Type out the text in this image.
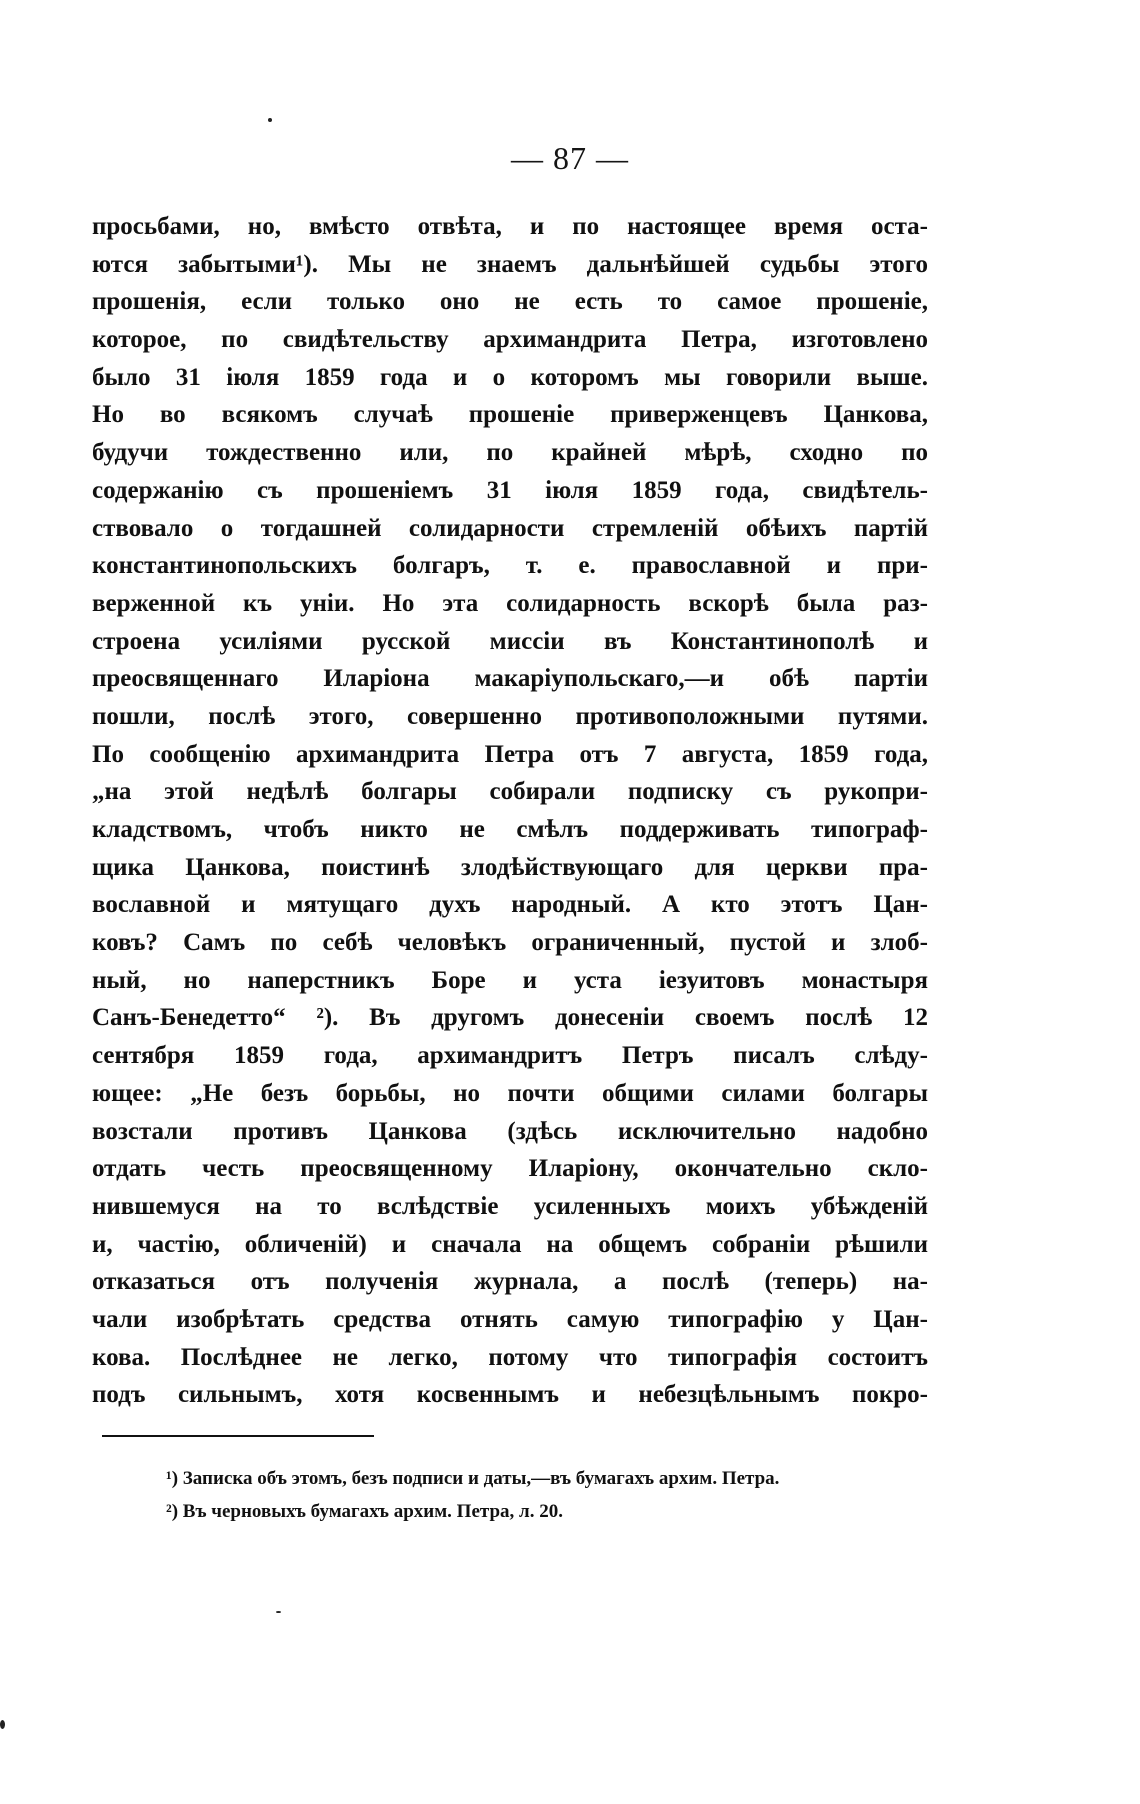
— 87 —
просьбами, но, вмѣсто отвѣта, и по настоящее время оста-
ются забытыми¹). Мы не знаемъ дальнѣйшей судьбы этого
прошенія, если только оно не есть то самое прошеніе,
которое, по свидѣтельству архимандрита Петра, изготовлено
было 31 іюля 1859 года и о которомъ мы говорили выше.
Но во всякомъ случаѣ прошеніе приверженцевъ Цанкова,
будучи тождественно или, по крайней мѣрѣ, сходно по
содержанію съ прошеніемъ 31 іюля 1859 года, свидѣтель-
ствовало о тогдашней солидарности стремленій обѣихъ партій
константинопольскихъ болгаръ, т. е. православной и при-
верженной къ уніи. Но эта солидарность вскорѣ была раз-
строена усиліями русской миссіи въ Константинополѣ и
преосвященнаго Иларіона макаріупольскаго,—и обѣ партіи
пошли, послѣ этого, совершенно противоположными путями.
По сообщенію архимандрита Петра отъ 7 августа, 1859 года,
„на этой недѣлѣ болгары собирали подписку съ рукопри-
кладствомъ, чтобъ никто не смѣлъ поддерживать типограф-
щика Цанкова, поистинѣ злодѣйствующаго для церкви пра-
вославной и мятущаго духъ народный. А кто этотъ Цан-
ковъ? Самъ по себѣ человѣкъ ограниченный, пустой и злоб-
ный, но наперстникъ Боре и уста іезуитовъ монастыря
Санъ-Бенедетто“ ²). Въ другомъ донесеніи своемъ послѣ 12
сентября 1859 года, архимандритъ Петръ писалъ слѣду-
ющее: „Не безъ борьбы, но почти общими силами болгары
возстали противъ Цанкова (здѣсь исключительно надобно
отдать честь преосвященному Иларіону, окончательно скло-
нившемуся на то вслѣдствіе усиленныхъ моихъ убѣжденій
и, частію, обличеній) и сначала на общемъ собраніи рѣшили
отказаться отъ полученія журнала, а послѣ (теперь) на-
чали изобрѣтать средства отнять самую типографію у Цан-
кова. Послѣднее не легко, потому что типографія состоитъ
подъ сильнымъ, хотя косвеннымъ и небезцѣльнымъ покро-
¹) Записка объ этомъ, безъ подписи и даты,—въ бумагахъ архим. Петра.
²) Въ черновыхъ бумагахъ архим. Петра, л. 20.
